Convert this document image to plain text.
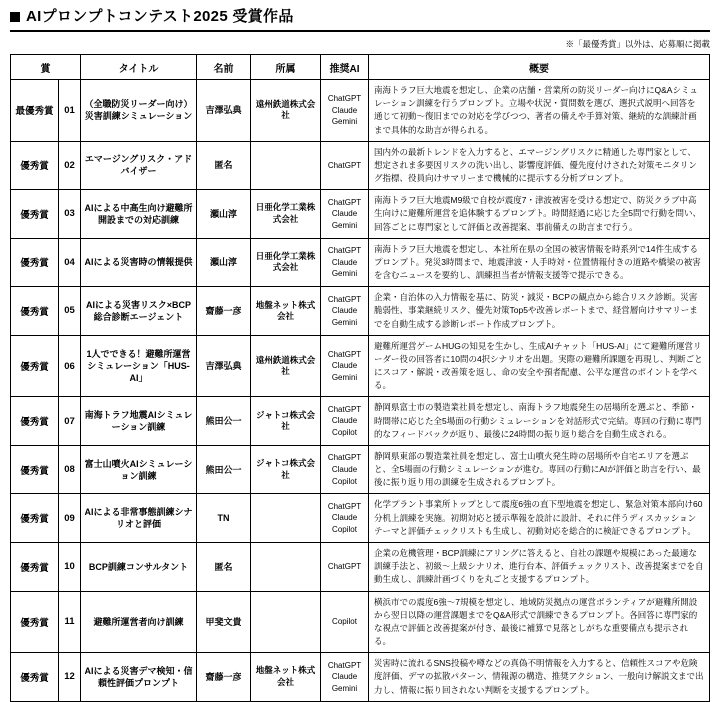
AIプロンプトコンテスト2025 受賞作品
※「最優秀賞」以外は、応募順に掲載
賞		タイトル	名前	所属	推奨AI	概要
最優秀賞	01	（全職防災リーダー向け）災害訓練シミュレーション	吉澤弘典	遠州鉄道株式会社	ChatGPT
Claude
Gemini	南海トラフ巨大地震を想定し、企業の店舗・営業所の防災リーダー向けにQ&Aシミュレーション訓練を行うプロンプト。立場や状況・質問数を選び、選択式説明へ回答を通じて初動〜復旧までの対応を学びつつ、著者の備えや手算対策、継続的な訓練計画まで具体的な助言が得られる。
優秀賞	02	エマージングリスク・アドバイザー	匿名		ChatGPT	国内外の最新トレンドを入力すると、エマージングリスクに精通した専門家として、想定されま多要因リスクの洗い出し、影響度評価、優先度付けされた対策モニタリング指標、役員向けサマリーまで機械的に提示する分析プロンプト。
優秀賞	03	AIによる中高生向け避難所開設までの対応訓練	瀬山淳	日亜化学工業株式会社	ChatGPT
Claude
Gemini	南海トラフ巨大地震M9級で自校が震度7・津波被害を受ける想定で、防災クラブ中高生向けに避難所運営を追体験するプロンプト。時間経過に応じた全5問で行動を問い、回答ごとに専門家として評価と改善提案、事前備えの助言まで行う。
優秀賞	04	AIによる災害時の情報提供	瀬山淳	日亜化学工業株式会社	ChatGPT
Claude
Gemini	南海トラフ巨大地震を想定し、本社所在県の全国の被害情報を時系列で14件生成するプロンプト。発災3時間まで、地震津波・人手時対・位置情報付きの道路や橋梁の被害を含むニュースを要約し、訓練担当者が情報支援等で提示できる。
優秀賞	05	AIによる災害リスク×BCP総合診断エージェント	齋藤一彦	地盤ネット株式会社	ChatGPT
Claude
Gemini	企業・自治体の入力情報を基に、防災・減災・BCPの観点から総合リスク診断。災害脆弱性、事業継続リスク、優先対策Top5や改善レポートまで、経営層向けサマリーまでを自動生成する診断レポート作成プロンプト。
優秀賞	06	1人でできる！避難所運営シミュレーション「HUS-AI」	吉澤弘典	遠州鉄道株式会社	ChatGPT
Claude
Gemini	避難所運営ゲームHUGの知見を生かし、生成AIチャット「HUS-AI」にて避難所運営リーダー役の回答者に10問の4択シナリオを出題。実際の避難所課題を再現し、判断ごとにスコア・解説・改善策を返し、命の安全や預者配慮、公平な運営のポイントを学べる。
優秀賞	07	南海トラフ地震AIシミュレーション訓練	熊田公一	ジャトコ株式会社	ChatGPT
Claude
Copilot	静岡県富士市の製造業社員を想定し、南海トラフ地震発生の居場所を選ぶと、季節・時間帯に応じた全5場面の行動シミュレーションを対話形式で完結。専回の行動に専門的なフィードバックが返り、最後に24時間の振り返り総合を自動生成される。
優秀賞	08	富士山噴火AIシミュレーション訓練	熊田公一	ジャトコ株式会社	ChatGPT
Claude
Copilot	静岡県東部の製造業社員を想定し、富士山噴火発生時の居場所や自宅エリアを選ぶと、全5場面の行動シミュレーションが進む。専回の行動にAIが評価と助言を行い、最後に振り返り用の訓練を生成されるプロンプト。
優秀賞	09	AIによる非常事態訓練シナリオと評価	TN		ChatGPT
Claude
Copilot	化学プラント事業所トップとして震度6強の直下型地震を想定し、緊急対策本部向け60分机上訓練を実施。初期対応と援示準報を設計に設計、それに伴うディスカッションテーマと評価チェックリストも生成し、初動対応を総合的に検証できるプロンプト。
優秀賞	10	BCP訓練コンサルタント	匿名		ChatGPT	企業の危機管理・BCP訓練にアリングに答えると、自社の課題や規模にあった最適な訓練手法と、初級〜上級シナリオ、進行台本、評価チェックリスト、改善提案までを自動生成し、訓練計画づくりを丸ごと支援するプロンプト。
優秀賞	11	避難所運営者向け訓練	甲斐文貴		Copilot	横浜市での震度6強〜7規模を想定し、地域防災拠点の運営ボランティアが避難所開設から翌日以降の運営課題までをQ&A形式で訓練できるプロンプト。各回答に専門家的な視点で評価と改善提案が付き、最後に補算で見落としがちな重要備点も提示される。
優秀賞	12	AIによる災害デマ検知・信頼性評価プロンプト	齋藤一彦	地盤ネット株式会社	ChatGPT
Claude
Gemini	災害時に流れるSNS投稿や噂などの真偽不明情報を入力すると、信頼性スコアや危険度評価、デマの拡散パターン、情報源の構造、推奨アクション、一般向け解説文まで出力し、情報に振り回されない判断を支援するプロンプト。
